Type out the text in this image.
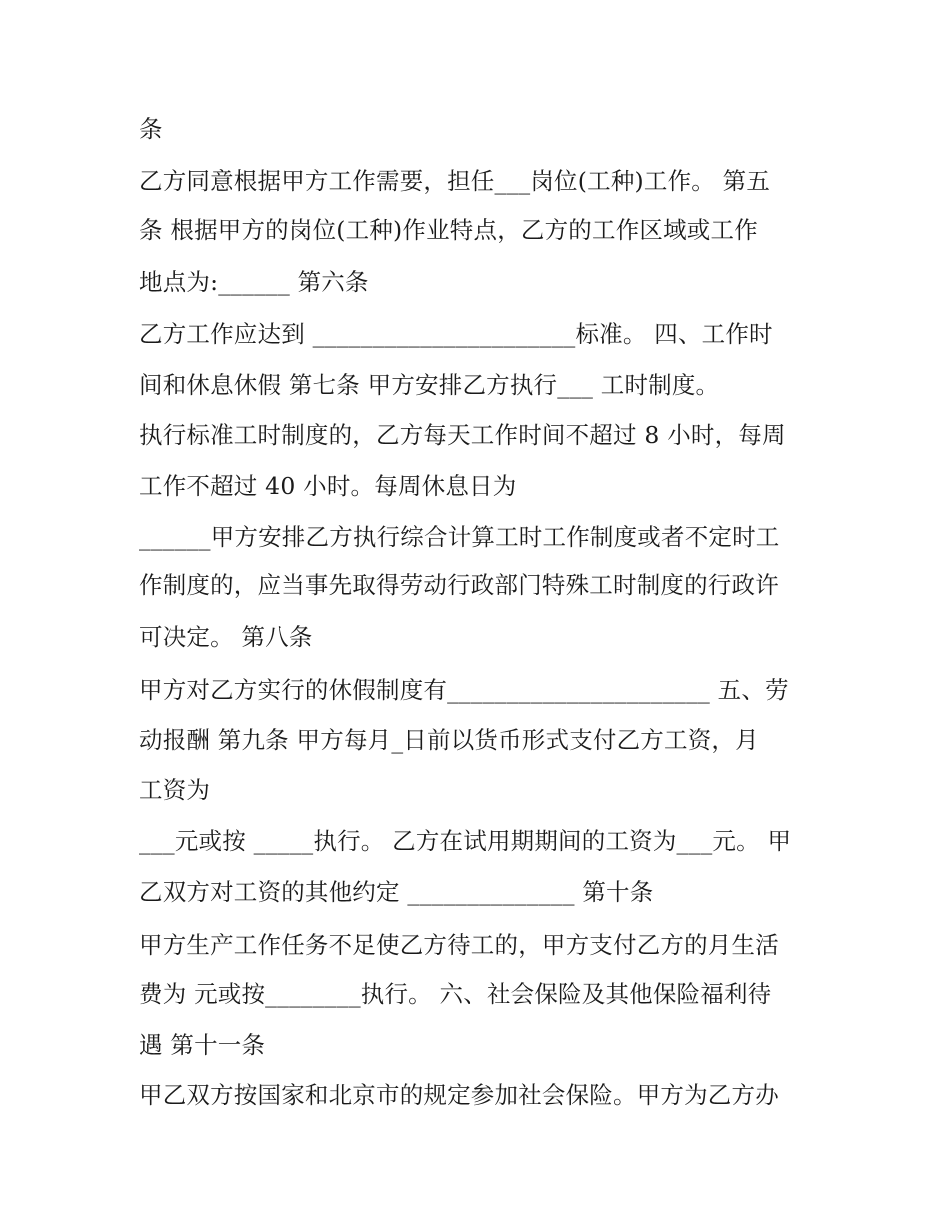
条

乙方同意根据甲方工作需要，担任___岗位(工种)工作。 第五

条 根据甲方的岗位(工种)作业特点，乙方的工作区域或工作

地点为:______ 第六条

乙方工作应达到 ______________________标准。 四、工作时

间和休息休假 第七条 甲方安排乙方执行___ 工时制度。

执行标准工时制度的，乙方每天工作时间不超过 8 小时，每周

工作不超过 40 小时。每周休息日为

______甲方安排乙方执行综合计算工时工作制度或者不定时工

作制度的，应当事先取得劳动行政部门特殊工时制度的行政许

可决定。 第八条

甲方对乙方实行的休假制度有______________________ 五、劳

动报酬 第九条 甲方每月_日前以货币形式支付乙方工资，月

工资为

___元或按 _____执行。 乙方在试用期期间的工资为___元。 甲

乙双方对工资的其他约定 ______________ 第十条

甲方生产工作任务不足使乙方待工的，甲方支付乙方的月生活

费为 元或按________执行。 六、社会保险及其他保险福利待

遇 第十一条

甲乙双方按国家和北京市的规定参加社会保险。甲方为乙方办
